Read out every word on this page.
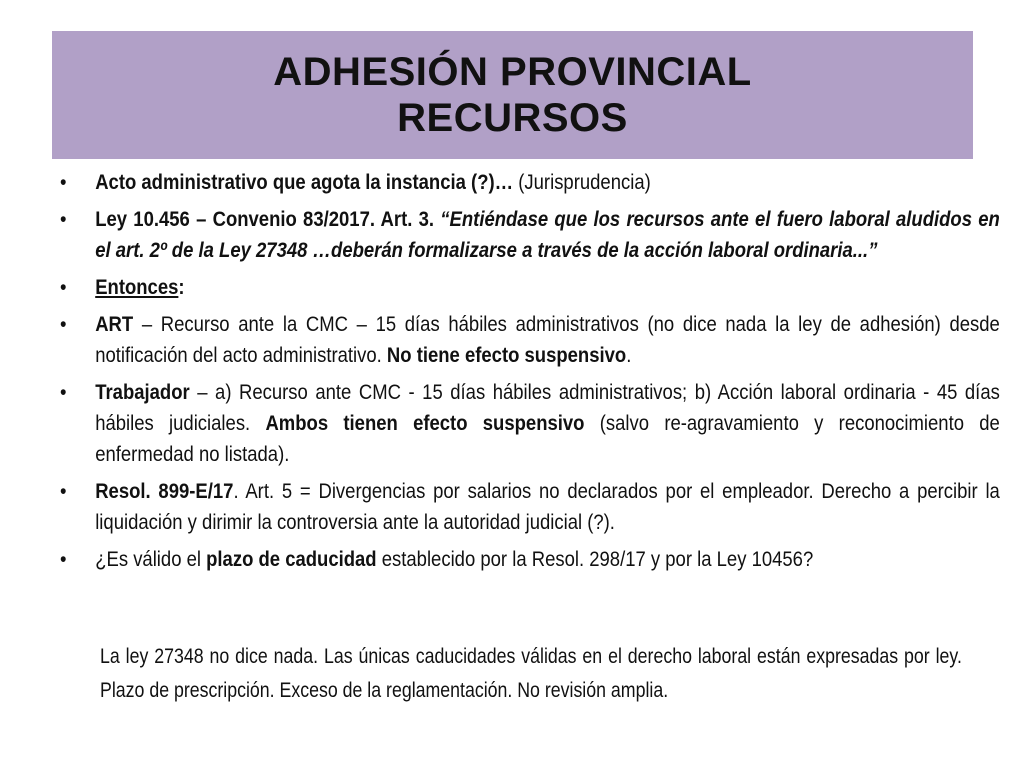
ADHESIÓN PROVINCIAL
RECURSOS
•	Acto administrativo que agota la instancia (?)… (Jurisprudencia)
•	Ley 10.456 – Convenio 83/2017. Art. 3. “Entiéndase que los recursos ante el fuero laboral aludidos en el art. 2º de la Ley 27348 …deberán formalizarse a través de la acción laboral ordinaria...”
•	Entonces:
•	ART – Recurso ante la CMC – 15 días hábiles administrativos (no dice nada la ley de adhesión) desde notificación del acto administrativo. No tiene efecto suspensivo.
•	Trabajador – a) Recurso ante CMC - 15 días hábiles administrativos; b) Acción laboral ordinaria - 45 días hábiles judiciales. Ambos tienen efecto suspensivo (salvo re-agravamiento y reconocimiento de enfermedad no listada).
•	Resol. 899-E/17. Art. 5 = Divergencias por salarios no declarados por el empleador. Derecho a percibir la liquidación y dirimir la controversia ante la autoridad judicial (?).
•	¿Es válido el plazo de caducidad establecido por la Resol. 298/17 y por la Ley 10456?
La ley 27348 no dice nada. Las únicas caducidades válidas en el derecho laboral están expresadas por ley. Plazo de prescripción. Exceso de la reglamentación. No revisión amplia.
